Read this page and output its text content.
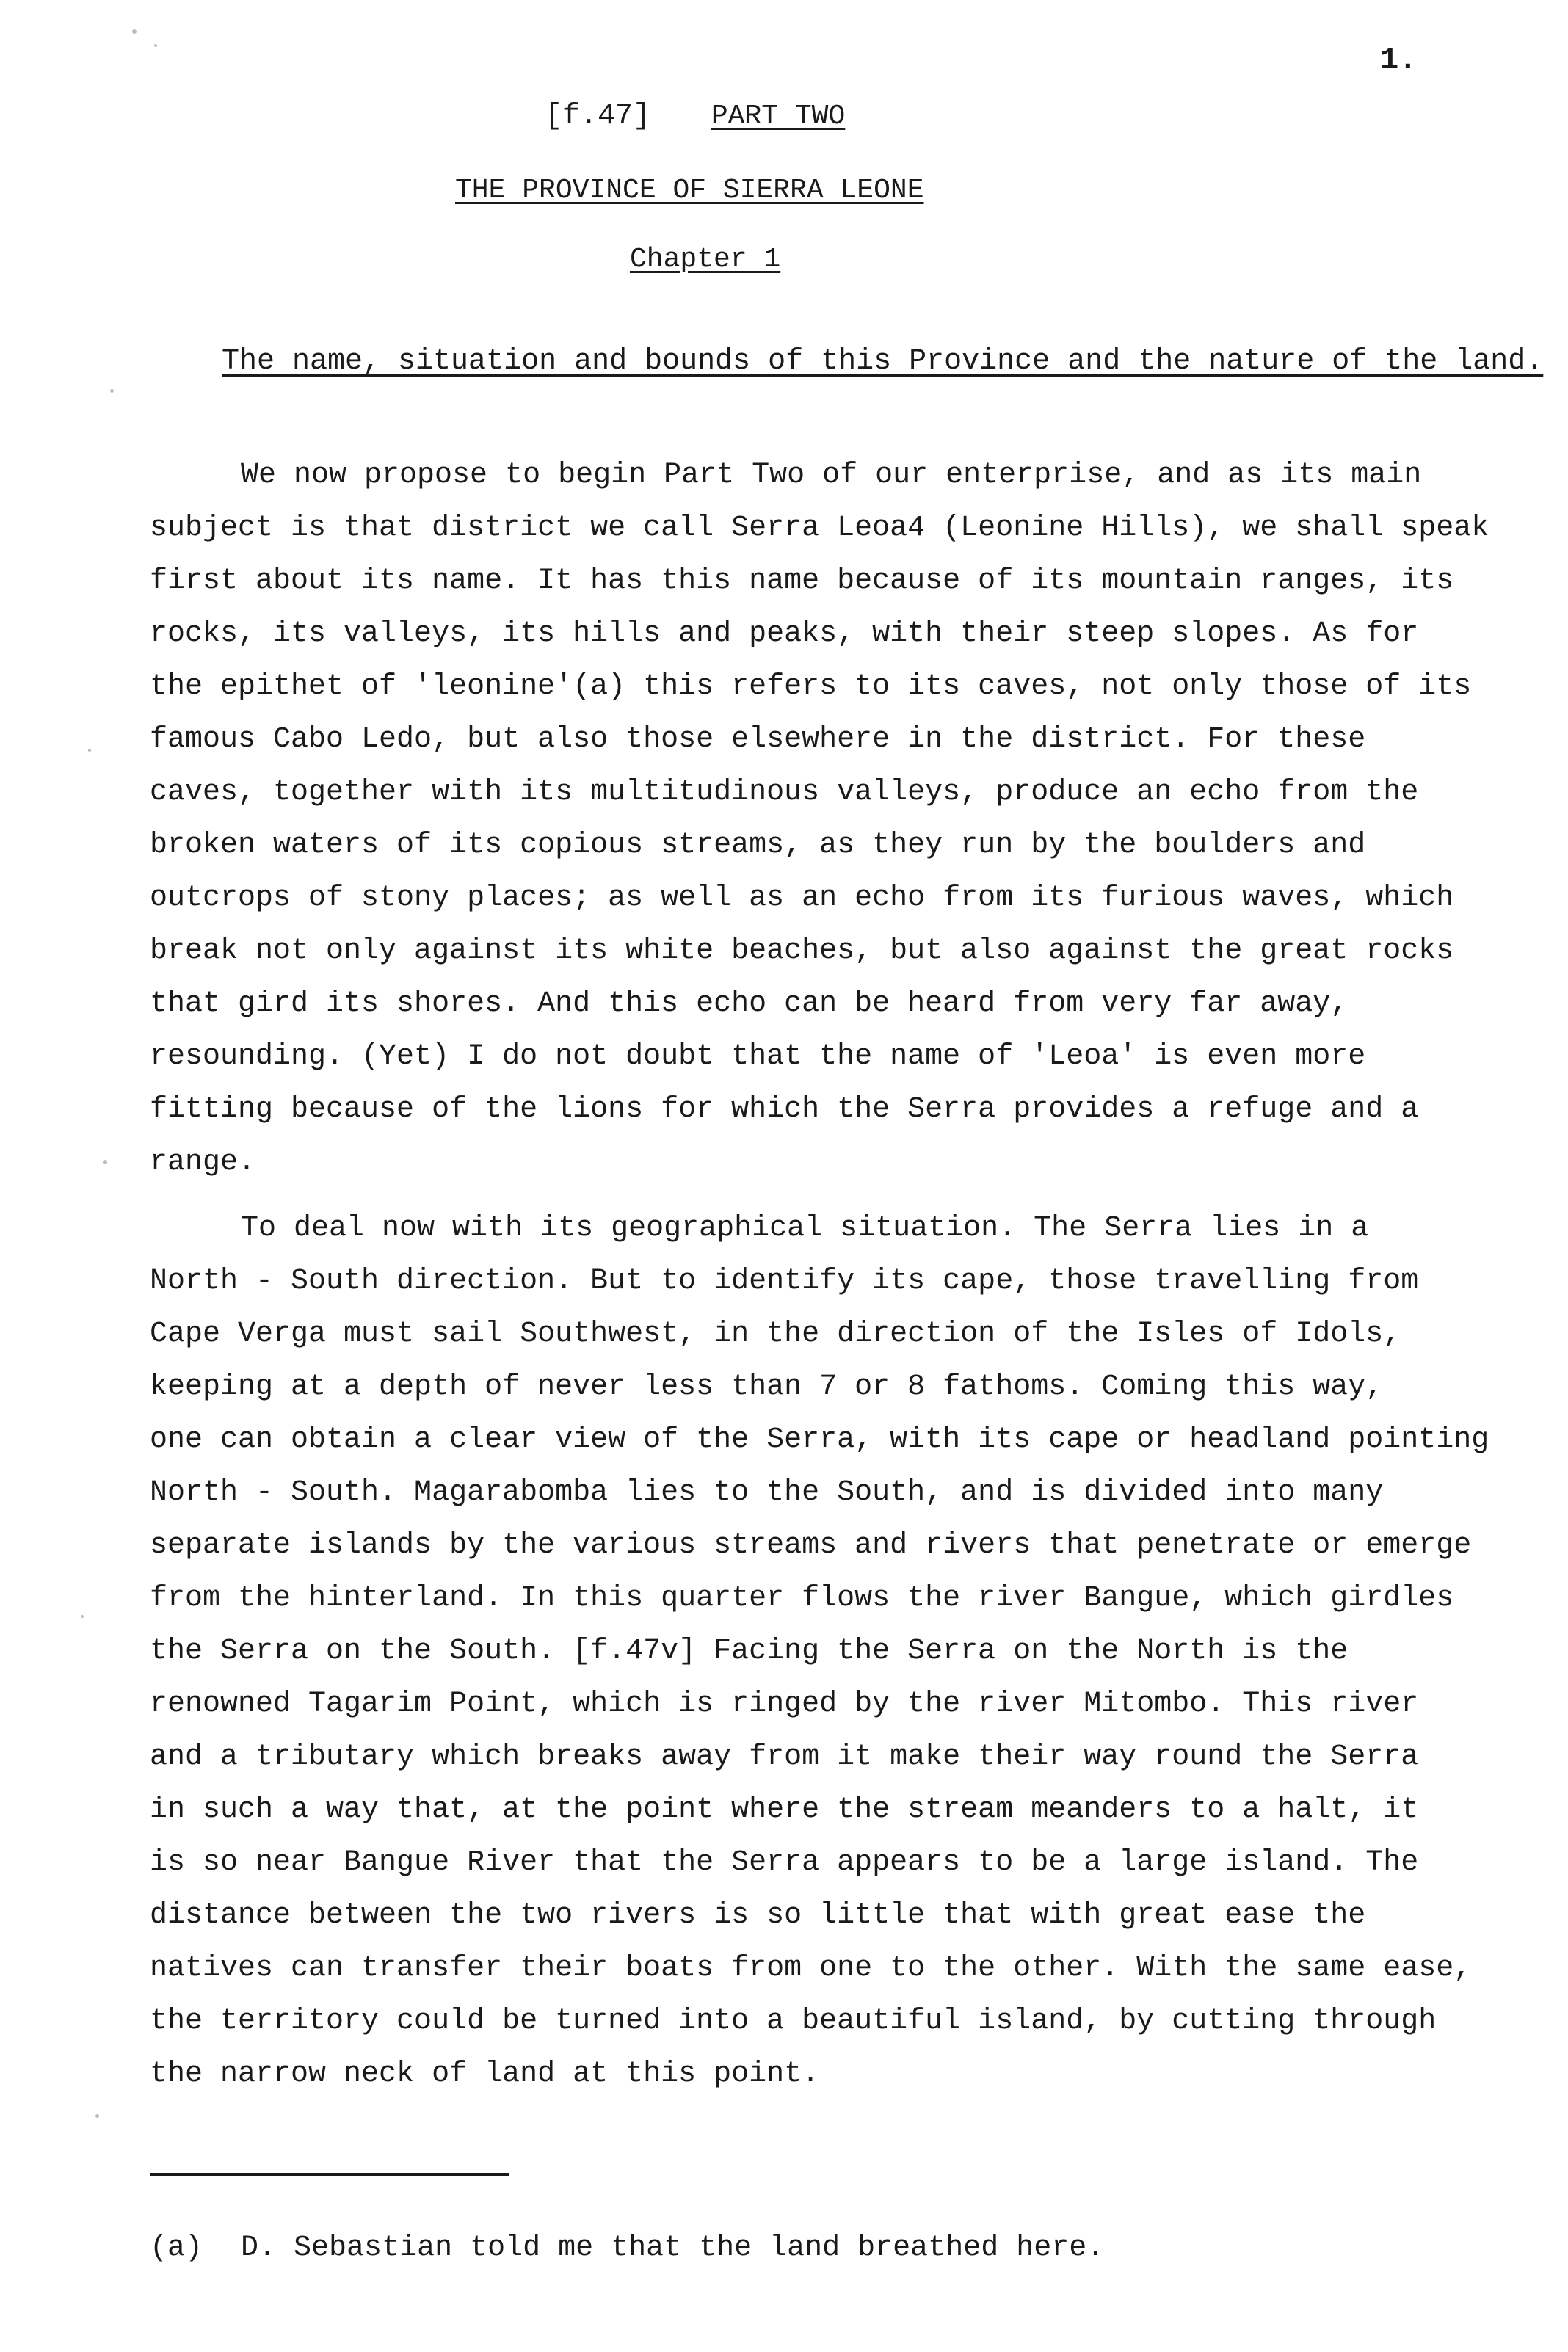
1.
[f.47] PART TWO
THE PROVINCE OF SIERRA LEONE
Chapter 1
The name, situation and bounds of this Province and the nature of the land.
We now propose to begin Part Two of our enterprise, and as its main
subject is that district we call Serra Leoa4 (Leonine Hills), we shall speak
first about its name. It has this name because of its mountain ranges, its
rocks, its valleys, its hills and peaks, with their steep slopes. As for
the epithet of 'leonine'(a) this refers to its caves, not only those of its
famous Cabo Ledo, but also those elsewhere in the district. For these
caves, together with its multitudinous valleys, produce an echo from the
broken waters of its copious streams, as they run by the boulders and
outcrops of stony places; as well as an echo from its furious waves, which
break not only against its white beaches, but also against the great rocks
that gird its shores. And this echo can be heard from very far away,
resounding. (Yet) I do not doubt that the name of 'Leoa' is even more
fitting because of the lions for which the Serra provides a refuge and a
range.
To deal now with its geographical situation. The Serra lies in a
North - South direction. But to identify its cape, those travelling from
Cape Verga must sail Southwest, in the direction of the Isles of Idols,
keeping at a depth of never less than 7 or 8 fathoms. Coming this way,
one can obtain a clear view of the Serra, with its cape or headland pointing
North - South. Magarabomba lies to the South, and is divided into many
separate islands by the various streams and rivers that penetrate or emerge
from the hinterland. In this quarter flows the river Bangue, which girdles
the Serra on the South. [f.47v] Facing the Serra on the North is the
renowned Tagarim Point, which is ringed by the river Mitombo. This river
and a tributary which breaks away from it make their way round the Serra
in such a way that, at the point where the stream meanders to a halt, it
is so near Bangue River that the Serra appears to be a large island. The
distance between the two rivers is so little that with great ease the
natives can transfer their boats from one to the other. With the same ease,
the territory could be turned into a beautiful island, by cutting through
the narrow neck of land at this point.
(a) D. Sebastian told me that the land breathed here.
